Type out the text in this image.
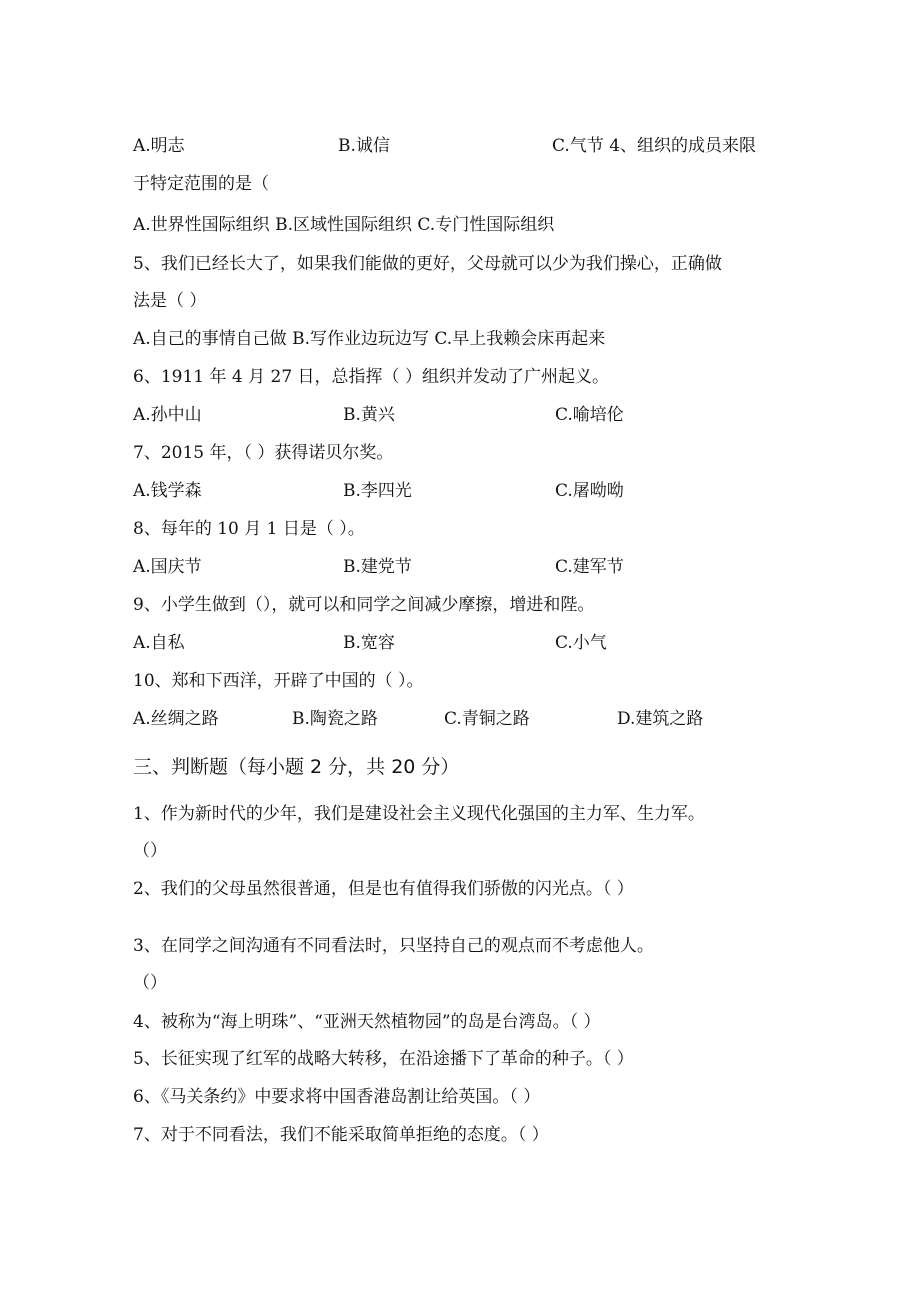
A.明志	B.诚信	C.气节 4、组织的成员来限
于特定范围的是（
A.世界性国际组织 B.区域性国际组织 C.专门性国际组织
5、我们已经长大了，如果我们能做的更好，父母就可以少为我们操心，正确做
法是（ ）
A.自己的事情自己做 B.写作业边玩边写 C.早上我赖会床再起来
6、1911 年 4 月 27 日，总指挥（ ）组织并发动了广州起义。
A.孙中山	B.黄兴	C.喻培伦
7、2015 年，（ ）获得诺贝尔奖。
A.钱学森	B.李四光	C.屠呦呦
8、每年的 10 月 1 日是（ ）。
A.国庆节	B.建党节	C.建军节
9、小学生做到（），就可以和同学之间减少摩擦，增进和陛。
A.自私	B.宽容	C.小气
10、郑和下西洋，开辟了中国的（ ）。
A.丝绸之路	B.陶瓷之路	C.青铜之路	D.建筑之路
三、判断题（每小题 2 分，共 20 分）
1、作为新时代的少年，我们是建设社会主义现代化强国的主力军、生力军。
（）
2、我们的父母虽然很普通，但是也有值得我们骄傲的闪光点。（ ）
3、在同学之间沟通有不同看法时，只坚持自己的观点而不考虑他人。
（）
4、被称为“海上明珠”、“亚洲天然植物园”的岛是台湾岛。（ ）
5、长征实现了红军的战略大转移，在沿途播下了革命的种子。（ ）
6、《马关条约》中要求将中国香港岛割让给英国。（ ）
7、对于不同看法，我们不能采取简单拒绝的态度。（ ）
